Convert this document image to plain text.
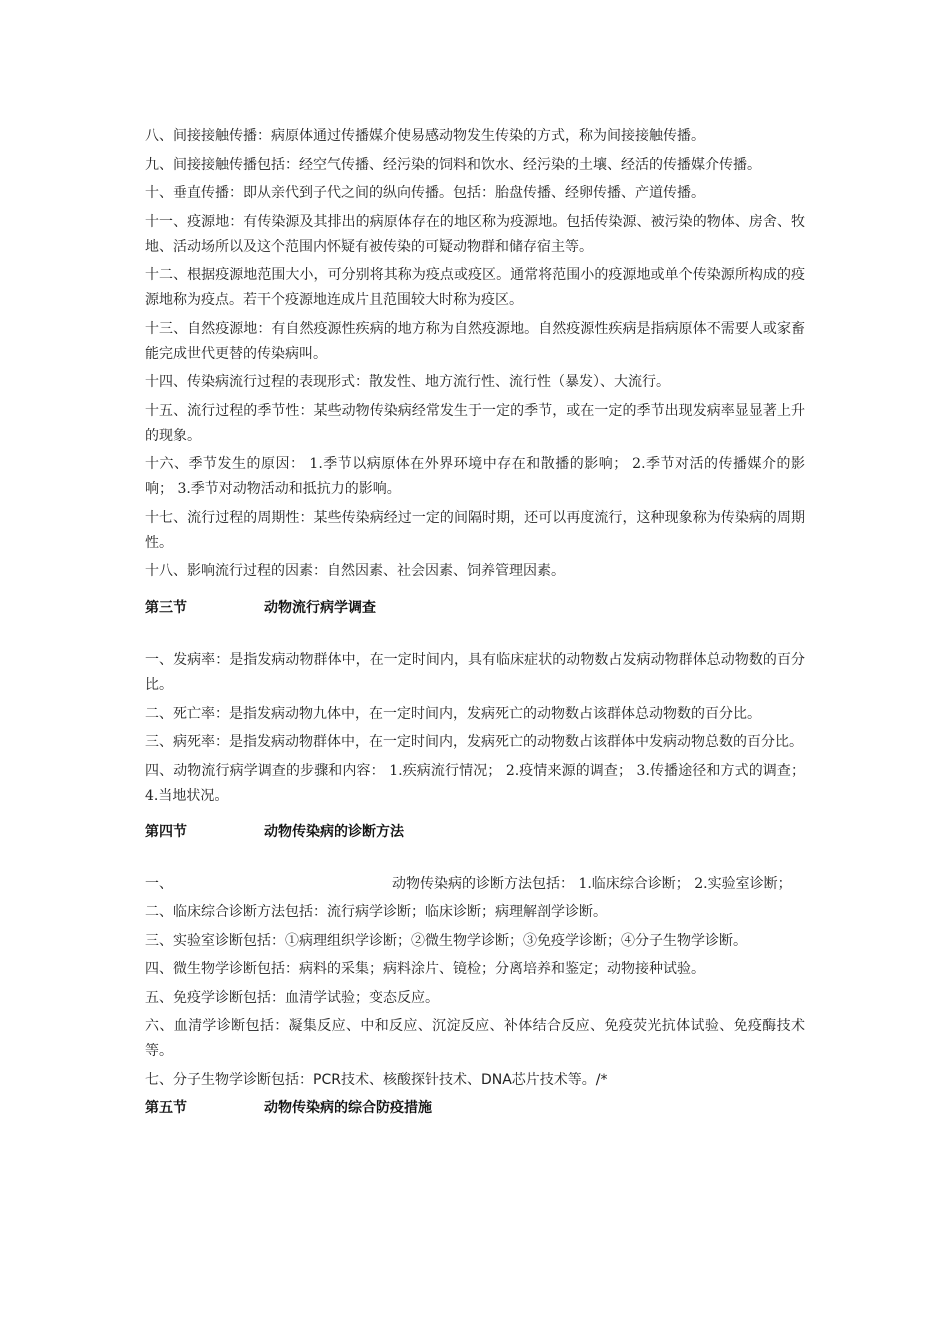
八、间接接触传播：病原体通过传播媒介使易感动物发生传染的方式，称为间接接触传播。

九、间接接触传播包括：经空气传播、经污染的饲料和饮水、经污染的土壤、经活的传播媒介传播。

十、垂直传播：即从亲代到子代之间的纵向传播。包括：胎盘传播、经卵传播、产道传播。

十一、疫源地：有传染源及其排出的病原体存在的地区称为疫源地。包括传染源、被污染的物体、房舍、牧地、活动场所以及这个范围内怀疑有被传染的可疑动物群和储存宿主等。

十二、根据疫源地范围大小，可分别将其称为疫点或疫区。通常将范围小的疫源地或单个传染源所构成的疫源地称为疫点。若干个疫源地连成片且范围较大时称为疫区。

十三、自然疫源地：有自然疫源性疾病的地方称为自然疫源地。自然疫源性疾病是指病原体不需要人或家畜能完成世代更替的传染病叫。

十四、传染病流行过程的表现形式：散发性、地方流行性、流行性（暴发）、大流行。

十五、流行过程的季节性：某些动物传染病经常发生于一定的季节，或在一定的季节出现发病率显显著上升的现象。

十六、季节发生的原因： 1.季节以病原体在外界环境中存在和散播的影响； 2.季节对活的传播媒介的影响； 3.季节对动物活动和抵抗力的影响。

十七、流行过程的周期性：某些传染病经过一定的间隔时期，还可以再度流行，这种现象称为传染病的周期性。

十八、影响流行过程的因素：自然因素、社会因素、饲养管理因素。

第三节	动物流行病学调查

一、发病率：是指发病动物群体中，在一定时间内，具有临床症状的动物数占发病动物群体总动物数的百分比。

二、死亡率：是指发病动物九体中，在一定时间内，发病死亡的动物数占该群体总动物数的百分比。

三、病死率：是指发病动物群体中，在一定时间内，发病死亡的动物数占该群体中发病动物总数的百分比。

四、动物流行病学调查的步骤和内容： 1.疾病流行情况； 2.疫情来源的调查； 3.传播途径和方式的调查； 4.当地状况。

第四节	动物传染病的诊断方法

一、	动物传染病的诊断方法包括： 1.临床综合诊断； 2.实验室诊断；

二、临床综合诊断方法包括：流行病学诊断；临床诊断；病理解剖学诊断。

三、实验室诊断包括：①病理组织学诊断；②微生物学诊断；③免疫学诊断；④分子生物学诊断。

四、微生物学诊断包括：病料的采集；病料涂片、镜检；分离培养和鉴定；动物接种试验。

五、免疫学诊断包括：血清学试验；变态反应。

六、血清学诊断包括：凝集反应、中和反应、沉淀反应、补体结合反应、免疫荧光抗体试验、免疫酶技术等。

七、分子生物学诊断包括：PCR技术、核酸探针技术、DNA芯片技术等。/*

第五节	动物传染病的综合防疫措施
